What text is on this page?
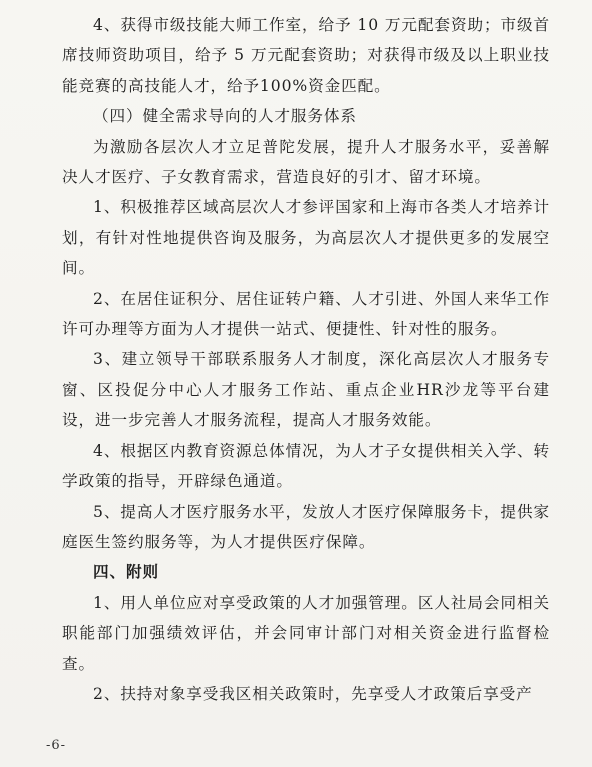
4、获得市级技能大师工作室，给予 10 万元配套资助；市级首席技师资助项目，给予 5 万元配套资助；对获得市级及以上职业技能竞赛的高技能人才，给予100%资金匹配。

（四）健全需求导向的人才服务体系

为激励各层次人才立足普陀发展，提升人才服务水平，妥善解决人才医疗、子女教育需求，营造良好的引才、留才环境。

1、积极推荐区域高层次人才参评国家和上海市各类人才培养计划，有针对性地提供咨询及服务，为高层次人才提供更多的发展空间。

2、在居住证积分、居住证转户籍、人才引进、外国人来华工作许可办理等方面为人才提供一站式、便捷性、针对性的服务。

3、建立领导干部联系服务人才制度，深化高层次人才服务专窗、区投促分中心人才服务工作站、重点企业HR沙龙等平台建设，进一步完善人才服务流程，提高人才服务效能。

4、根据区内教育资源总体情况，为人才子女提供相关入学、转学政策的指导，开辟绿色通道。

5、提高人才医疗服务水平，发放人才医疗保障服务卡，提供家庭医生签约服务等，为人才提供医疗保障。

四、附则

1、用人单位应对享受政策的人才加强管理。区人社局会同相关职能部门加强绩效评估，并会同审计部门对相关资金进行监督检查。

2、扶持对象享受我区相关政策时，先享受人才政策后享受产

-6-
